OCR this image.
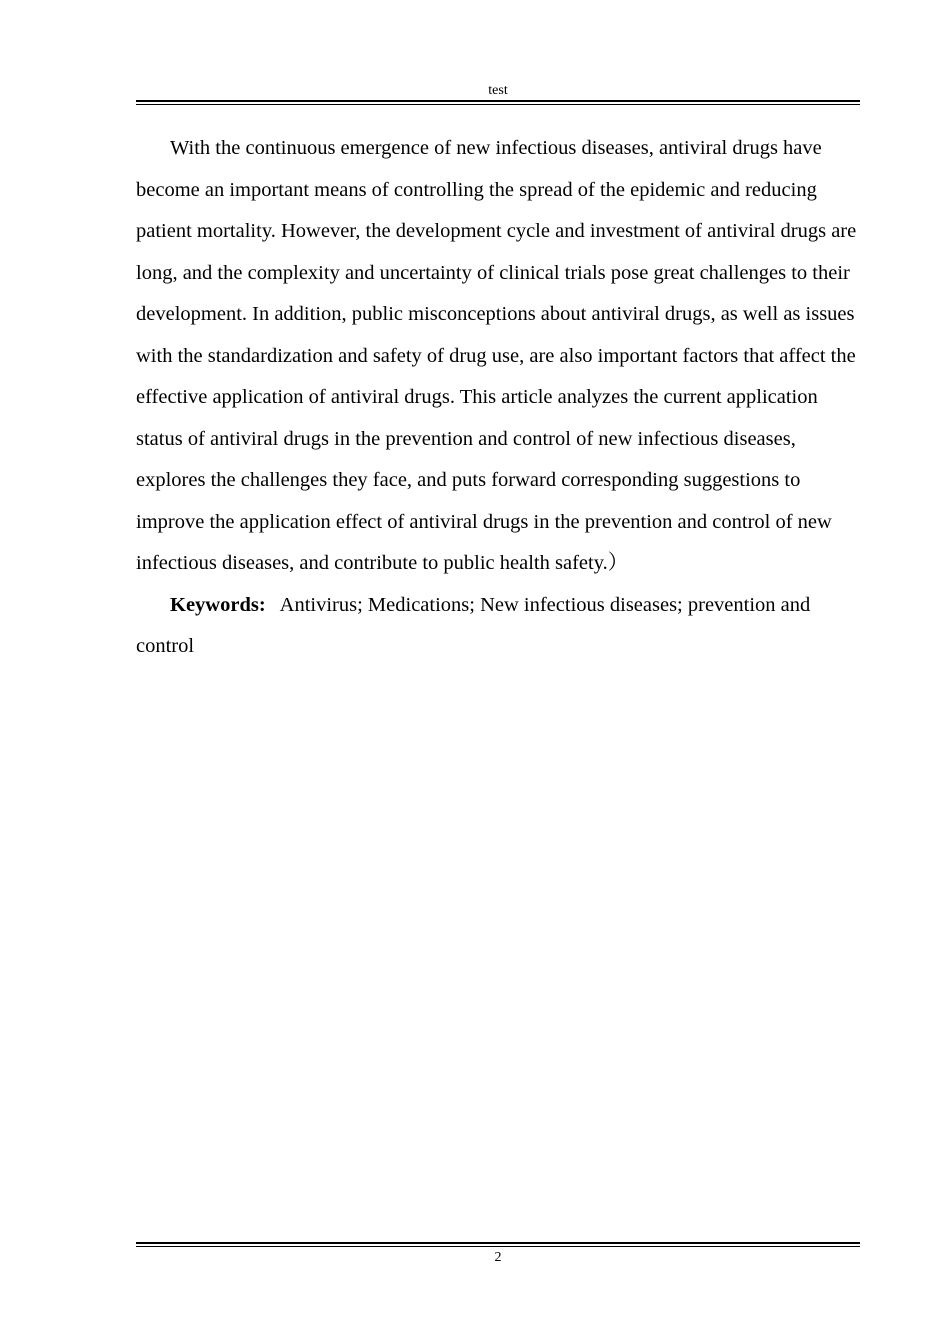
test

With the continuous emergence of new infectious diseases, antiviral drugs have become an important means of controlling the spread of the epidemic and reducing patient mortality. However, the development cycle and investment of antiviral drugs are long, and the complexity and uncertainty of clinical trials pose great challenges to their development. In addition, public misconceptions about antiviral drugs, as well as issues with the standardization and safety of drug use, are also important factors that affect the effective application of antiviral drugs. This article analyzes the current application status of antiviral drugs in the prevention and control of new infectious diseases, explores the challenges they face, and puts forward corresponding suggestions to improve the application effect of antiviral drugs in the prevention and control of new infectious diseases, and contribute to public health safety.）

Keywords: Antivirus; Medications; New infectious diseases; prevention and control

2
